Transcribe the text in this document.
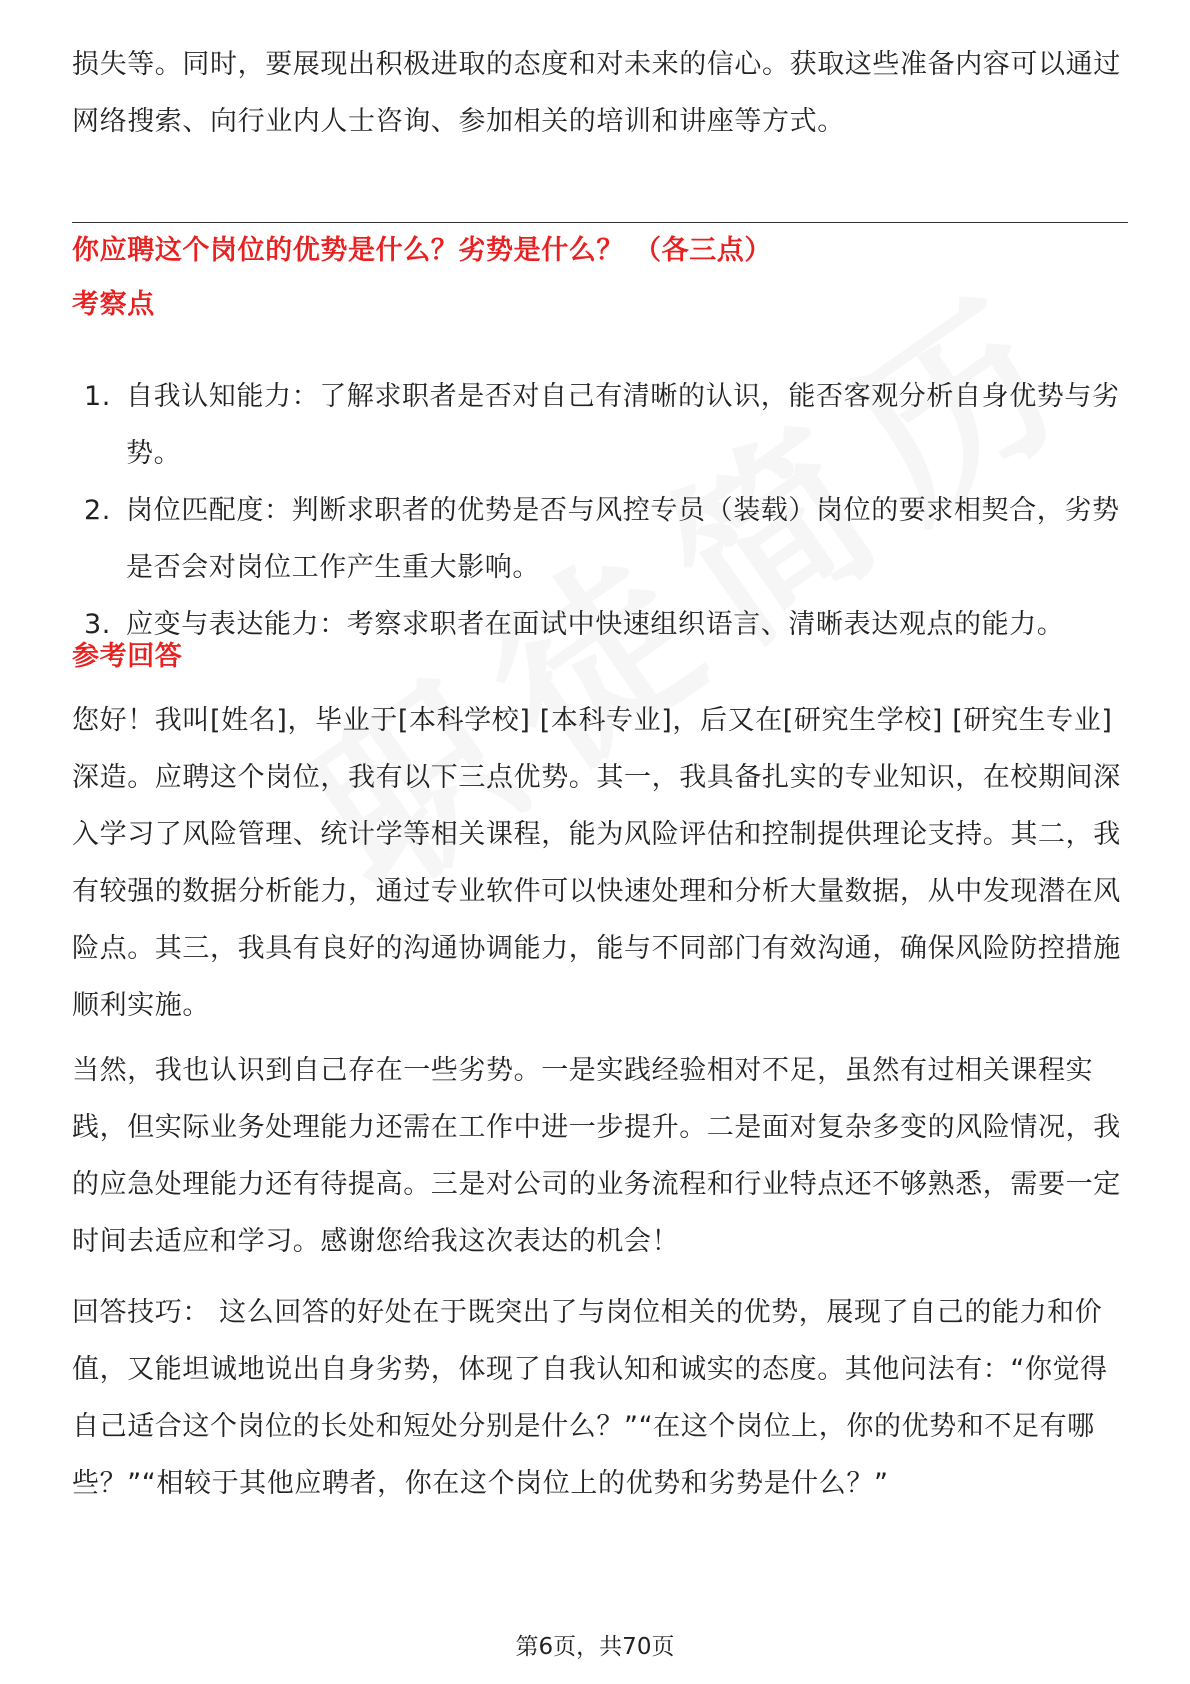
损失等。同时，要展现出积极进取的态度和对未来的信心。获取这些准备内容可以通过网络搜索、向行业内人士咨询、参加相关的培训和讲座等方式。

你应聘这个岗位的优势是什么？劣势是什么？ （各三点）
考察点
1. 自我认知能力：了解求职者是否对自己有清晰的认识，能否客观分析自身优势与劣势。
2. 岗位匹配度：判断求职者的优势是否与风控专员（装载）岗位的要求相契合，劣势是否会对岗位工作产生重大影响。
3. 应变与表达能力：考察求职者在面试中快速组织语言、清晰表达观点的能力。
参考回答

您好！我叫[姓名]，毕业于[本科学校] [本科专业]，后又在[研究生学校] [研究生专业]深造。应聘这个岗位，我有以下三点优势。其一，我具备扎实的专业知识，在校期间深入学习了风险管理、统计学等相关课程，能为风险评估和控制提供理论支持。其二，我有较强的数据分析能力，通过专业软件可以快速处理和分析大量数据，从中发现潜在风险点。其三，我具有良好的沟通协调能力，能与不同部门有效沟通，确保风险防控措施顺利实施。

当然，我也认识到自己存在一些劣势。一是实践经验相对不足，虽然有过相关课程实践，但实际业务处理能力还需在工作中进一步提升。二是面对复杂多变的风险情况，我的应急处理能力还有待提高。三是对公司的业务流程和行业特点还不够熟悉，需要一定时间去适应和学习。感谢您给我这次表达的机会！

回答技巧： 这么回答的好处在于既突出了与岗位相关的优势，展现了自己的能力和价值，又能坦诚地说出自身劣势，体现了自我认知和诚实的态度。其他问法有：“你觉得自己适合这个岗位的长处和短处分别是什么？”“在这个岗位上，你的优势和不足有哪些？”“相较于其他应聘者，你在这个岗位上的优势和劣势是什么？”

第6页，共70页
